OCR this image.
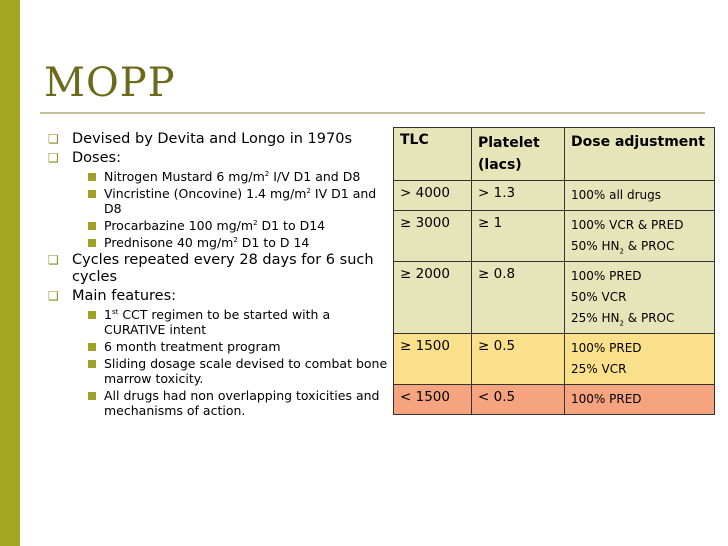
MOPP
❑ Devised by Devita and Longo in 1970s
❑ Doses:
Nitrogen Mustard 6 $mg/m^2$ I/V D1 and D8
Vincristine (Oncovine) 1.4 $mg/m^2$ IV D1 and D8
Procarbazine 100 $mg/m^2$ D1 to D14
Prednisone 40 $mg/m^2$ D1 to D 14
❑ Cycles repeated every 28 days for 6 such cycles
❑ Main features:
1st CCT regimen to be started with a CURATIVE intent
6 month treatment program
Sliding dosage scale devised to combat bone marrow toxicity.
All drugs had non overlapping toxicities and mechanisms of action.
TLC	Platelet (lacs)	Dose adjustment
> 4000	> 1.3	100% all drugs

≥ 3000	≥ 1	100% VCR & PRED
50% $HN_2$ & PROC

≥ 2000	≥ 0.8	100% PRED
50% VCR
25% $HN_2$ & PROC

≥ 1500	≥ 0.5	100% PRED
25% VCR

< 1500	< 0.5	100% PRED
